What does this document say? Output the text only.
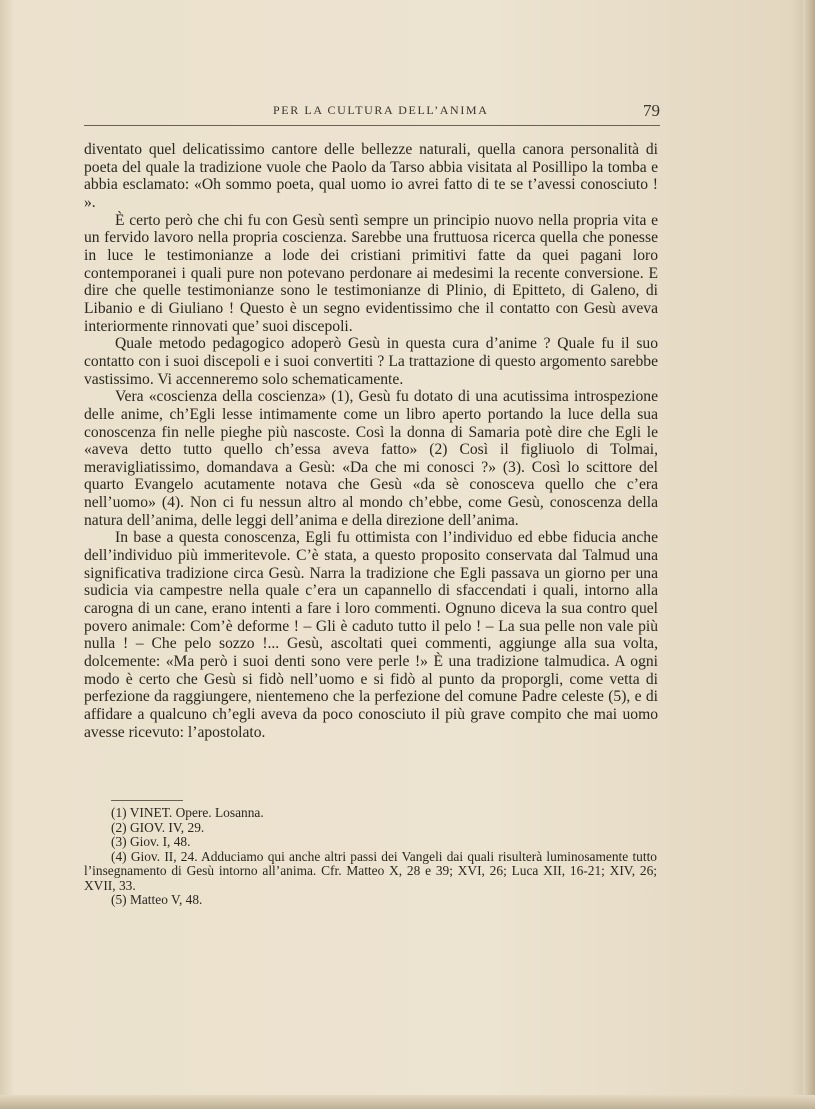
PER LA CULTURA DELL’ANIMA	79

diventato quel delicatissimo cantore delle bellezze naturali, quella canora personalità di poeta del quale la tradizione vuole che Paolo da Tarso abbia visitata al Posillipo la tomba e abbia esclamato: «Oh sommo poeta, qual uomo io avrei fatto di te se t’avessi conosciuto ! ».

È certo però che chi fu con Gesù sentì sempre un principio nuovo nella propria vita e un fervido lavoro nella propria coscienza. Sarebbe una fruttuosa ricerca quella che ponesse in luce le testimonianze a lode dei cristiani primitivi fatte da quei pagani loro contemporanei i quali pure non potevano perdonare ai medesimi la recente conversione. E dire che quelle testimonianze sono le testimonianze di Plinio, di Epitteto, di Galeno, di Libanio e di Giuliano ! Questo è un segno evidentissimo che il contatto con Gesù aveva interiormente rinnovati que’ suoi discepoli.

Quale metodo pedagogico adoperò Gesù in questa cura d’anime ? Quale fu il suo contatto con i suoi discepoli e i suoi convertiti ? La trattazione di questo argomento sarebbe vastissimo. Vi accenneremo solo schematicamente.

Vera «coscienza della coscienza» (1), Gesù fu dotato di una acutissima introspezione delle anime, ch’Egli lesse intimamente come un libro aperto portando la luce della sua conoscenza fin nelle pieghe più nascoste. Così la donna di Samaria potè dire che Egli le «aveva detto tutto quello ch’essa aveva fatto» (2) Così il figliuolo di Tolmai, meravigliatissimo, domandava a Gesù: «Da che mi conosci ?» (3). Così lo scittore del quarto Evangelo acutamente notava che Gesù «da sè conosceva quello che c’era nell’uomo» (4). Non ci fu nessun altro al mondo ch’ebbe, come Gesù, conoscenza della natura dell’anima, delle leggi dell’anima e della direzione dell’anima.

In base a questa conoscenza, Egli fu ottimista con l’individuo ed ebbe fiducia anche dell’individuo più immeritevole. C’è stata, a questo proposito conservata dal Talmud una significativa tradizione circa Gesù. Narra la tradizione che Egli passava un giorno per una sudicia via campestre nella quale c’era un capannello di sfaccendati i quali, intorno alla carogna di un cane, erano intenti a fare i loro commenti. Ognuno diceva la sua contro quel povero animale: Com’è deforme ! – Gli è caduto tutto il pelo ! – La sua pelle non vale più nulla ! – Che pelo sozzo !... Gesù, ascoltati quei commenti, aggiunge alla sua volta, dolcemente: «Ma però i suoi denti sono vere perle !» È una tradizione talmudica. A ogni modo è certo che Gesù si fidò nell’uomo e si fidò al punto da proporgli, come vetta di perfezione da raggiungere, nientemeno che la perfezione del comune Padre celeste (5), e di affidare a qualcuno ch’egli aveva da poco conosciuto il più grave compito che mai uomo avesse ricevuto: l’apostolato.

(1) VINET. Opere. Losanna.

(2) GIOV. IV, 29.

(3) Giov. I, 48.

(4) Giov. II, 24. Adduciamo qui anche altri passi dei Vangeli dai quali risulterà luminosamente tutto l’insegnamento di Gesù intorno all’anima. Cfr. Matteo X, 28 e 39; XVI, 26; Luca XII, 16-21; XIV, 26; XVII, 33.

(5) Matteo V, 48.
